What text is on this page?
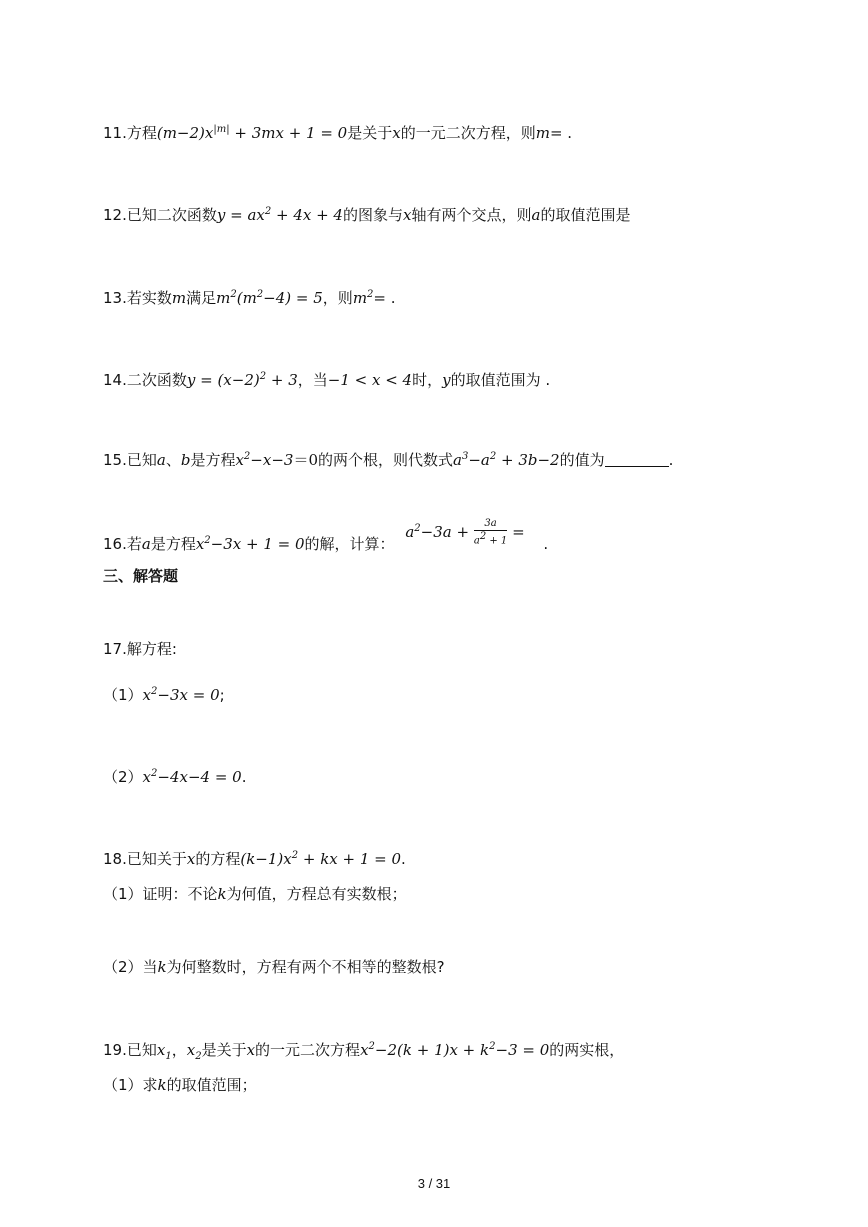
11.方程$(m-2)x^{|m|} + 3mx + 1 = 0$是关于x的一元二次方程，则m= .
12.已知二次函数$y = ax^2 + 4x + 4$的图象与x轴有两个交点，则a的取值范围是
13.若实数m满足$m^2(m^2-4) = 5$，则$m^2=$ .
14.二次函数$y = (x-2)^2 + 3$，当−1 < x < 4时，y的取值范围为 .
15.已知a、b是方程$x^2-x-3=0$的两个根，则代数式$a^3-a^2 + 3b-2$的值为	.
16.若a是方程$x^2-3x + 1 = 0$的解，计算： $a^2-3a + \frac{3a}{a^2 + 1}$ = .
三、解答题
17.解方程:
$(1)x^2-3x = 0$;
$(2)x^2-4x-4 = 0$.
18.已知关于x的方程$(k-1)x^2$ + kx + 1 = 0.
（1）证明：不论k为何值，方程总有实数根；
（2）当k为何整数时，方程有两个不相等的整数根?
19.已知$x_1$，$x_2$是关于x的一元二次方程$x^2-2(k + 1)x + k^2-3 = 0$的两实根，
（1）求k的取值范围；
3 / 31
